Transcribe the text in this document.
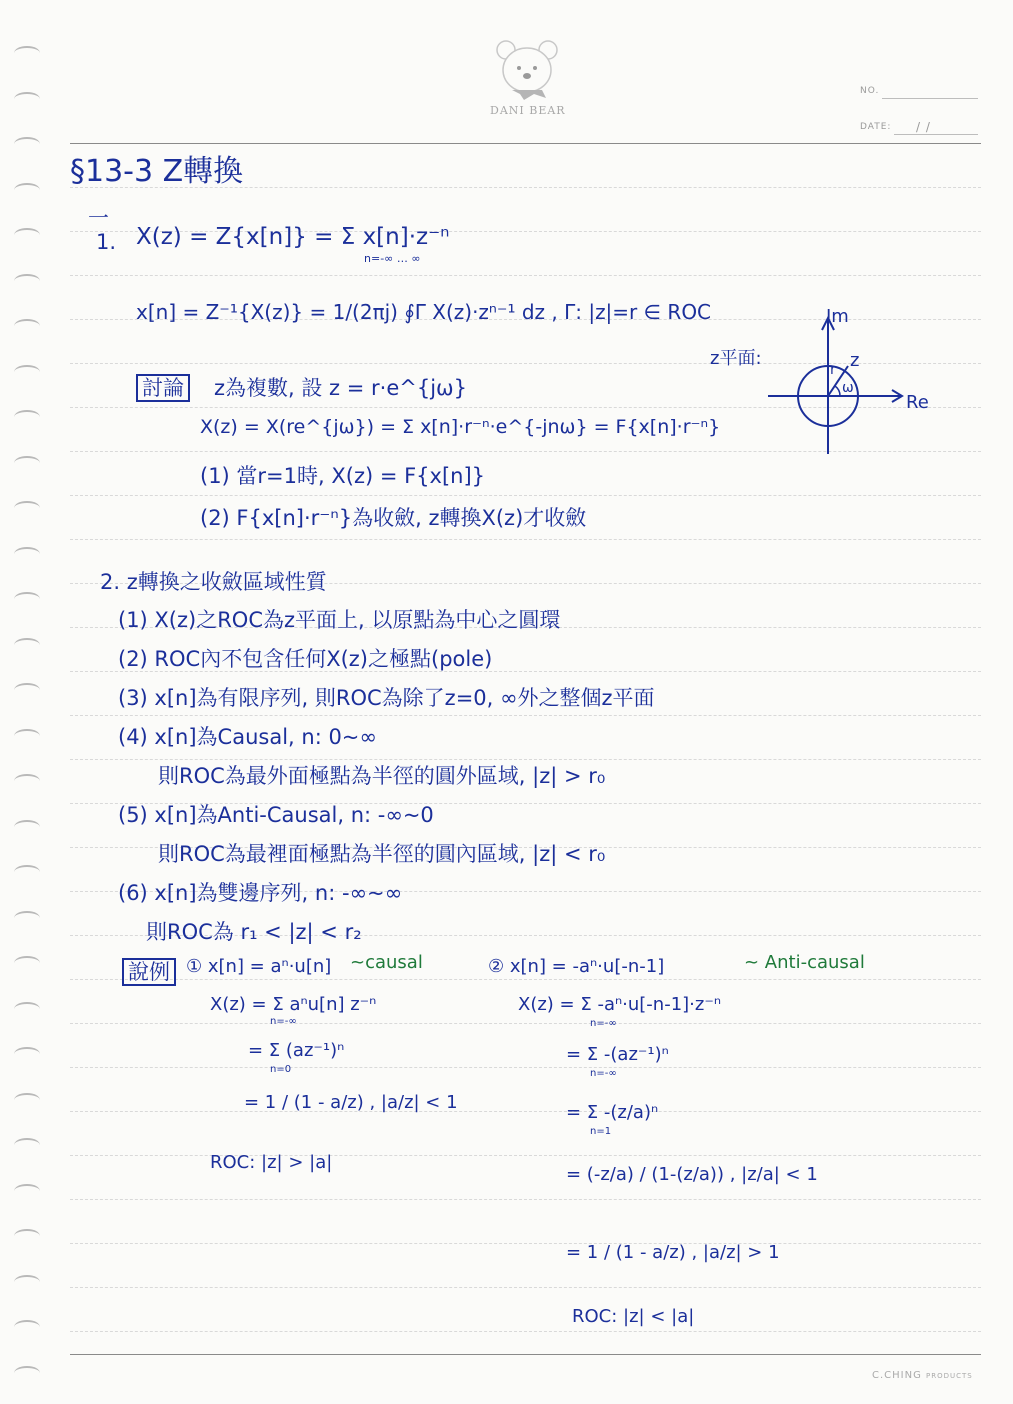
DANI BEAR
NO.
DATE: / /
§13-3 Z轉換
一
1. X(z) = Z{x[n]} = Σ x[n]·z⁻ⁿ
n=-∞ … ∞
x[n] = Z⁻¹{X(z)} = 1/(2πj) ∮Γ X(z)·zⁿ⁻¹ dz , Γ: |z|=r ∈ ROC
討論 z為複數, 設 z = r·e^{jω}
X(z) = X(re^{jω}) = Σ x[n]·r⁻ⁿ·e^{-jnω} = F{x[n]·r⁻ⁿ}
(1) 當r=1時, X(z) = F{x[n]}
(2) F{x[n]·r⁻ⁿ}為收斂, z轉換X(z)才收斂
z平面:
Im
Re
z
r
ω
2. z轉換之收斂區域性質
(1) X(z)之ROC為z平面上, 以原點為中心之圓環
(2) ROC內不包含任何X(z)之極點(pole)
(3) x[n]為有限序列, 則ROC為除了z=0, ∞外之整個z平面
(4) x[n]為Causal, n: 0~∞
則ROC為最外面極點為半徑的圓外區域, |z| > r₀
(5) x[n]為Anti-Causal, n: -∞~0
則ROC為最裡面極點為半徑的圓內區域, |z| < r₀
(6) x[n]為雙邊序列, n: -∞~∞
則ROC為 r₁ < |z| < r₂
說例 ① x[n] = aⁿ·u[n] ~causal
X(z) = Σ aⁿu[n] z⁻ⁿ
= Σ (az⁻¹)ⁿ
= 1 / (1 - a/z) , |a/z| < 1
ROC: |z| > |a|
n=-∞
n=0
② x[n] = -aⁿ·u[-n-1]	~ Anti-causal
X(z) = Σ -aⁿ·u[-n-1]·z⁻ⁿ
= Σ -(az⁻¹)ⁿ
= Σ -(z/a)ⁿ
= (-z/a) / (1-(z/a)) , |z/a| < 1
= 1 / (1 - a/z) , |a/z| > 1
ROC: |z| < |a|
n=-∞
n=-∞
n=1
C.CHING PRODUCTS
